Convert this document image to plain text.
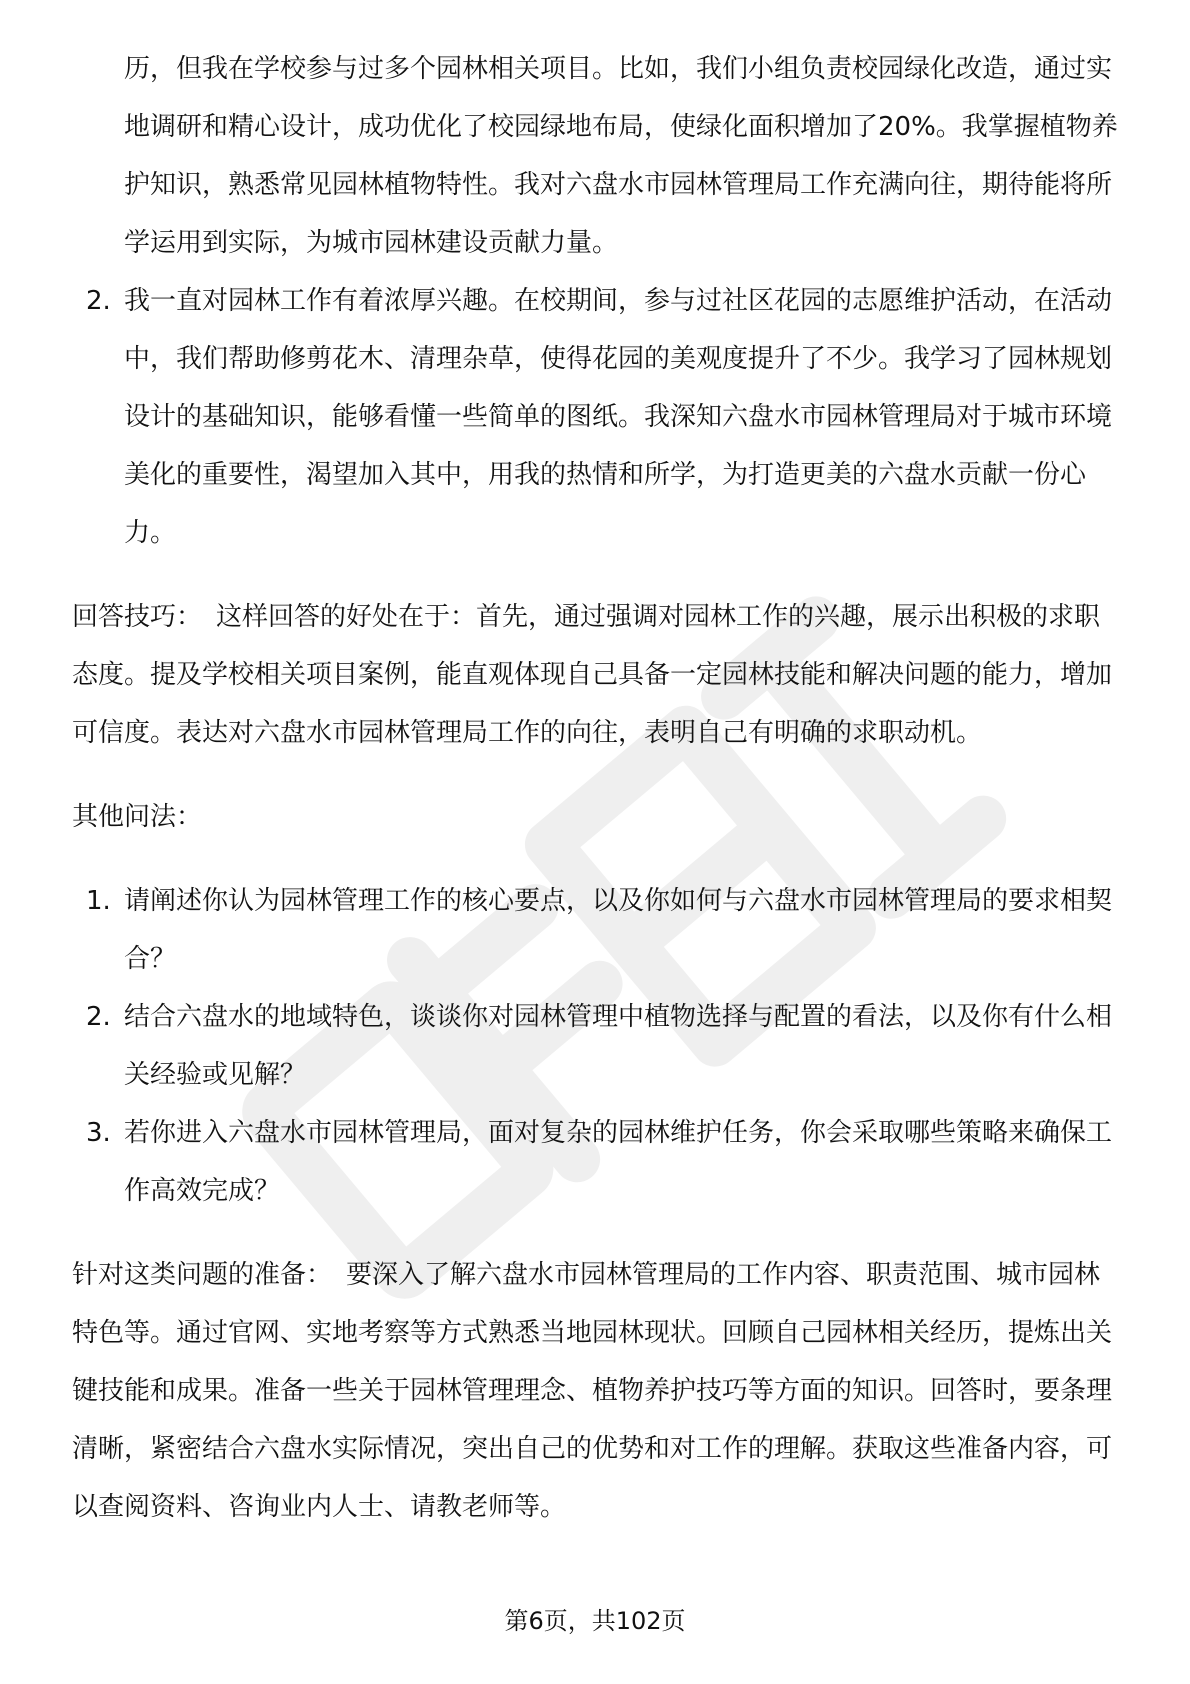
历，但我在学校参与过多个园林相关项目。比如，我们小组负责校园绿化改造，通过实地调研和精心设计，成功优化了校园绿地布局，使绿化面积增加了20%。我掌握植物养护知识，熟悉常见园林植物特性。我对六盘水市园林管理局工作充满向往，期待能将所学运用到实际，为城市园林建设贡献力量。
2. 我一直对园林工作有着浓厚兴趣。在校期间，参与过社区花园的志愿维护活动，在活动中，我们帮助修剪花木、清理杂草，使得花园的美观度提升了不少。我学习了园林规划设计的基础知识，能够看懂一些简单的图纸。我深知六盘水市园林管理局对于城市环境美化的重要性，渴望加入其中，用我的热情和所学，为打造更美的六盘水贡献一份心力。
回答技巧： 这样回答的好处在于：首先，通过强调对园林工作的兴趣，展示出积极的求职态度。提及学校相关项目案例，能直观体现自己具备一定园林技能和解决问题的能力，增加可信度。表达对六盘水市园林管理局工作的向往，表明自己有明确的求职动机。
其他问法：
1. 请阐述你认为园林管理工作的核心要点，以及你如何与六盘水市园林管理局的要求相契合？
2. 结合六盘水的地域特色，谈谈你对园林管理中植物选择与配置的看法，以及你有什么相关经验或见解？
3. 若你进入六盘水市园林管理局，面对复杂的园林维护任务，你会采取哪些策略来确保工作高效完成？
针对这类问题的准备： 要深入了解六盘水市园林管理局的工作内容、职责范围、城市园林特色等。通过官网、实地考察等方式熟悉当地园林现状。回顾自己园林相关经历，提炼出关键技能和成果。准备一些关于园林管理理念、植物养护技巧等方面的知识。回答时，要条理清晰，紧密结合六盘水实际情况，突出自己的优势和对工作的理解。获取这些准备内容，可以查阅资料、咨询业内人士、请教老师等。
第6页，共102页
